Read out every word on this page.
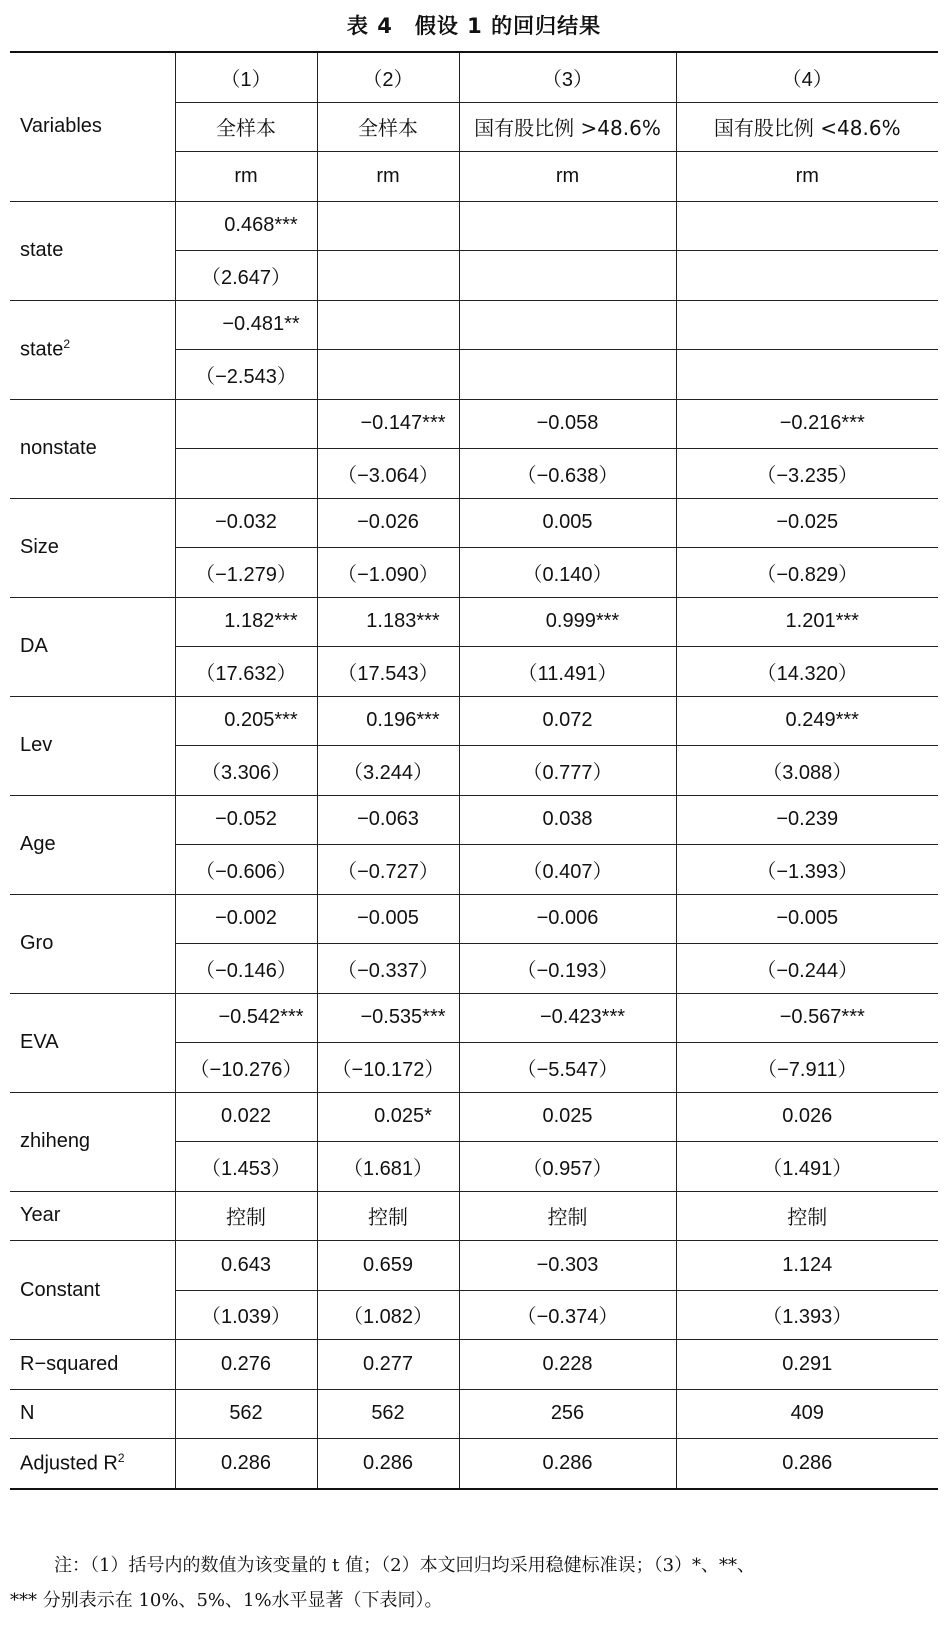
表 4　假设 1 的回归结果
Variables	（1）	（2）	（3）	（4）
	全样本	全样本	国有股比例 >48.6%	国有股比例 <48.6%
	rm	rm	rm	rm
state	0.468***			
	（2.647）			
state$^2$	−0.481**			
	（−2.543）			
nonstate		−0.147***	−0.058	−0.216***
		（−3.064）	（−0.638）	（−3.235）
Size	−0.032	−0.026	0.005	−0.025
	（−1.279）	（−1.090）	（0.140）	（−0.829）
DA	1.182***	1.183***	0.999***	1.201***
	（17.632）	（17.543）	（11.491）	（14.320）
Lev	0.205***	0.196***	0.072	0.249***
	（3.306）	（3.244）	（0.777）	（3.088）
Age	−0.052	−0.063	0.038	−0.239
	（−0.606）	（−0.727）	（0.407）	（−1.393）
Gro	−0.002	−0.005	−0.006	−0.005
	（−0.146）	（−0.337）	（−0.193）	（−0.244）
EVA	−0.542***	−0.535***	−0.423***	−0.567***
	（−10.276）	（−10.172）	（−5.547）	（−7.911）
zhiheng	0.022	0.025*	0.025	0.026
	（1.453）	（1.681）	（0.957）	（1.491）
Year	控制	控制	控制	控制
Constant	0.643	0.659	−0.303	1.124
	（1.039）	（1.082）	（−0.374）	（1.393）
R−squared	0.276	0.277	0.228	0.291
N	562	562	256	409
Adjusted $R^2$	0.286	0.286	0.286	0.286
注：（1）括号内的数值为该变量的 t 值；（2）本文回归均采用稳健标准误；（3）*、**、
*** 分别表示在 10%、5%、1%水平显著（下表同）。
